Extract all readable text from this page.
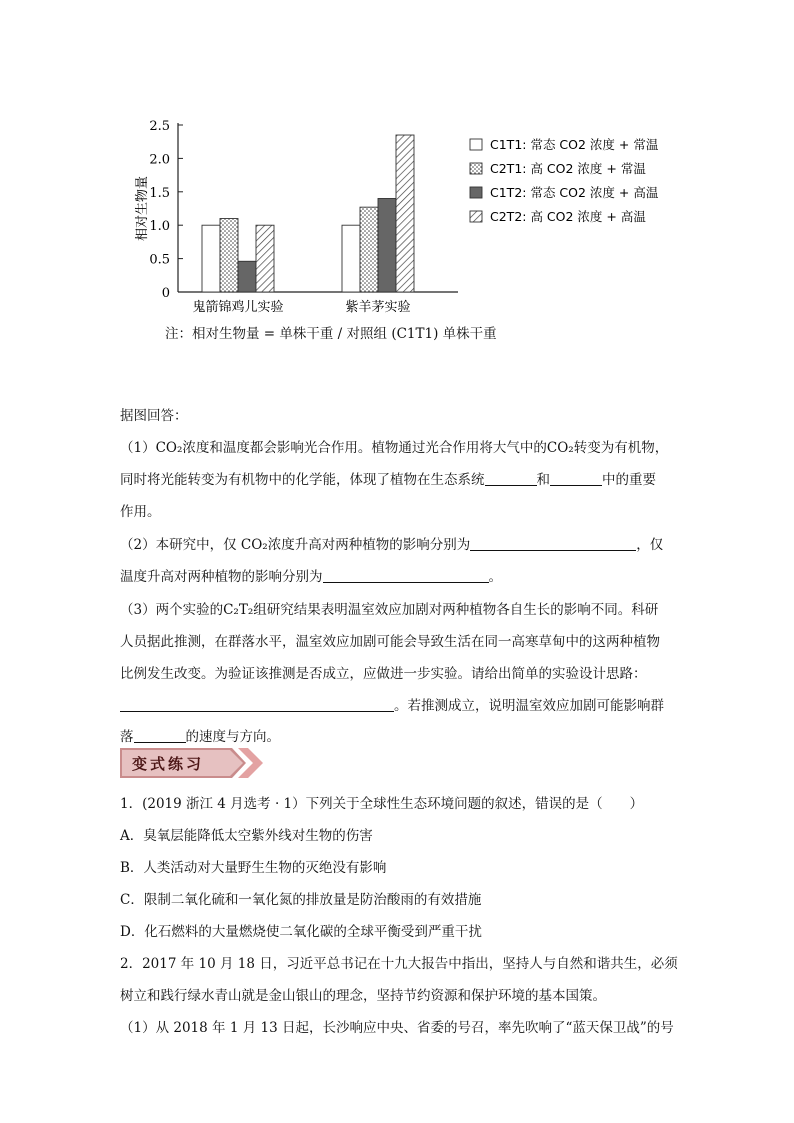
0
0.5
1.0
1.5
2.0
2.5
相对生物量
鬼箭锦鸡儿实验	紫羊茅实验
C1T1: 常态 CO2 浓度 + 常温
C2T1: 高 CO2 浓度 + 常温
C1T2: 常态 CO2 浓度 + 高温
C2T2: 高 CO2 浓度 + 高温
注：相对生物量 = 单株干重 / 对照组 (C1T1) 单株干重
据图回答：
（1）CO₂浓度和温度都会影响光合作用。植物通过光合作用将大气中的CO₂转变为有机物，
同时将光能转变为有机物中的化学能，体现了植物在生态系统	和	中的重要
作用。
（2）本研究中，仅 CO₂浓度升高对两种植物的影响分别为	，仅
温度升高对两种植物的影响分别为	。
（3）两个实验的C₂T₂组研究结果表明温室效应加剧对两种植物各自生长的影响不同。科研
人员据此推测，在群落水平，温室效应加剧可能会导致生活在同一高寒草甸中的这两种植物
比例发生改变。为验证该推测是否成立，应做进一步实验。请给出简单的实验设计思路：
。若推测成立，说明温室效应加剧可能影响群
落	的速度与方向。
变式练习
1．(2019 浙江 4 月选考 · 1）下列关于全球性生态环境问题的叙述，错误的是（　　）
A．臭氧层能降低太空紫外线对生物的伤害
B．人类活动对大量野生生物的灭绝没有影响
C．限制二氧化硫和一氧化氮的排放量是防治酸雨的有效措施
D．化石燃料的大量燃烧使二氧化碳的全球平衡受到严重干扰
2．2017 年 10 月 18 日，习近平总书记在十九大报告中指出，坚持人与自然和谐共生，必须
树立和践行绿水青山就是金山银山的理念，坚持节约资源和保护环境的基本国策。
（1）从 2018 年 1 月 13 日起，长沙响应中央、省委的号召，率先吹响了“蓝天保卫战”的号
